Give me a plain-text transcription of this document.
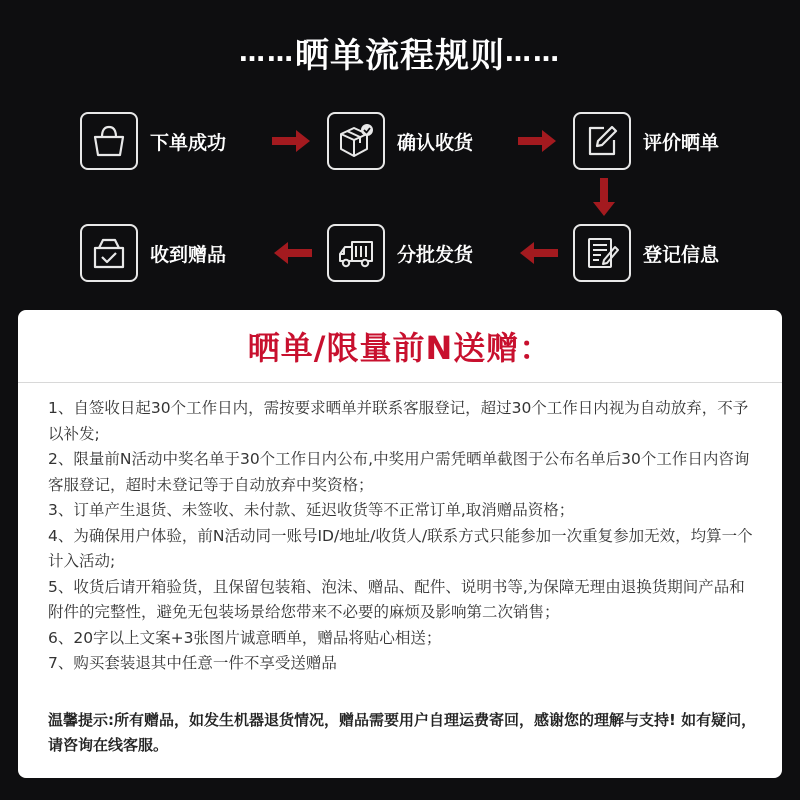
……晒单流程规则……
下单成功	确认收货	评价晒单
登记信息
分批发货
收到赠品
晒单/限量前N送赠：
1、自签收日起30个工作日内，需按要求晒单并联系客服登记，超过30个工作日内视为自动放弃，不予以补发;
2、限量前N活动中奖名单于30个工作日内公布,中奖用户需凭晒单截图于公布名单后30个工作日内咨询客服登记，超时未登记等于自动放弃中奖资格；
3、订单产生退货、未签收、未付款、延迟收货等不正常订单,取消赠品资格；
4、为确保用户体验，前N活动同一账号ID/地址/收货人/联系方式只能参加一次重复参加无效，均算一个计入活动;
5、收货后请开箱验货，且保留包装箱、泡沫、赠品、配件、说明书等,为保障无理由退换货期间产品和附件的完整性，避免无包装场景给您带来不必要的麻烦及影响第二次销售；
6、20字以上文案+3张图片诚意晒单，赠品将贴心相送；
7、购买套装退其中任意一件不享受送赠品
温馨提示:所有赠品，如发生机器退货情况，赠品需要用户自理运费寄回，感谢您的理解与支持! 如有疑问，请咨询在线客服。
